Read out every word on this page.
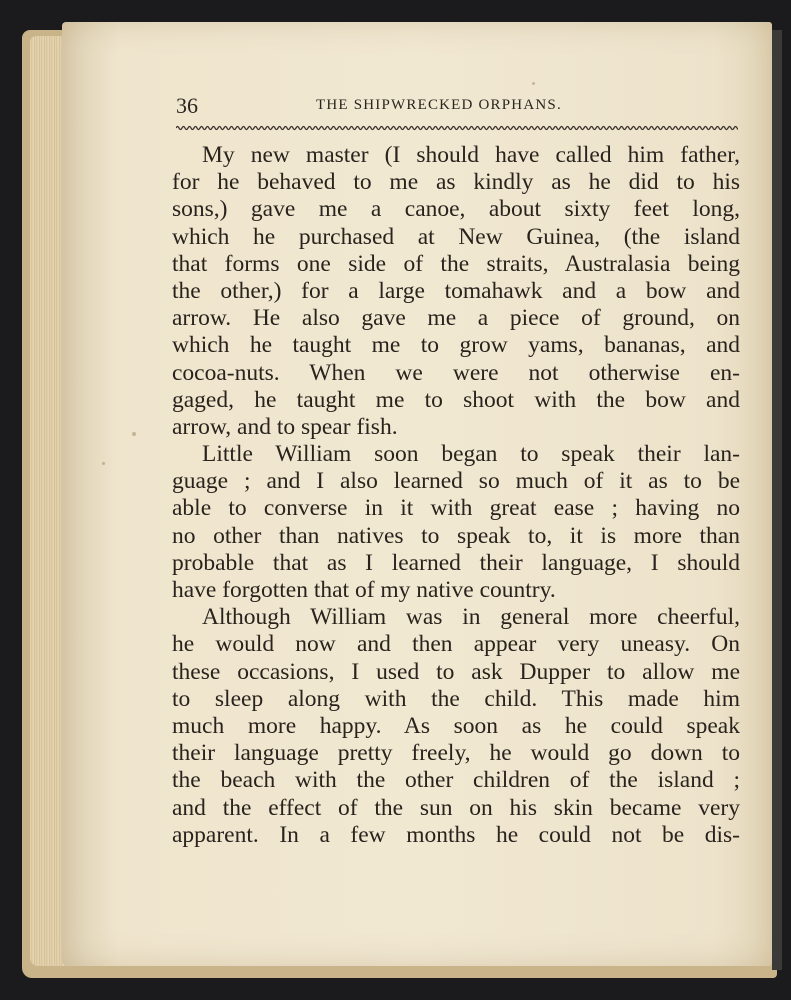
36	THE SHIPWRECKED ORPHANS.
My new master (I should have called him father,
for he behaved to me as kindly as he did to his
sons,) gave me a canoe, about sixty feet long,
which he purchased at New Guinea, (the island
that forms one side of the straits, Australasia being
the other,) for a large tomahawk and a bow and
arrow. He also gave me a piece of ground, on
which he taught me to grow yams, bananas, and
cocoa-nuts. When we were not otherwise en-
gaged, he taught me to shoot with the bow and
arrow, and to spear fish.
Little William soon began to speak their lan-
guage ; and I also learned so much of it as to be
able to converse in it with great ease ; having no
no other than natives to speak to, it is more than
probable that as I learned their language, I should
have forgotten that of my native country.
Although William was in general more cheerful,
he would now and then appear very uneasy. On
these occasions, I used to ask Dupper to allow me
to sleep along with the child. This made him
much more happy. As soon as he could speak
their language pretty freely, he would go down to
the beach with the other children of the island ;
and the effect of the sun on his skin became very
apparent. In a few months he could not be dis-
